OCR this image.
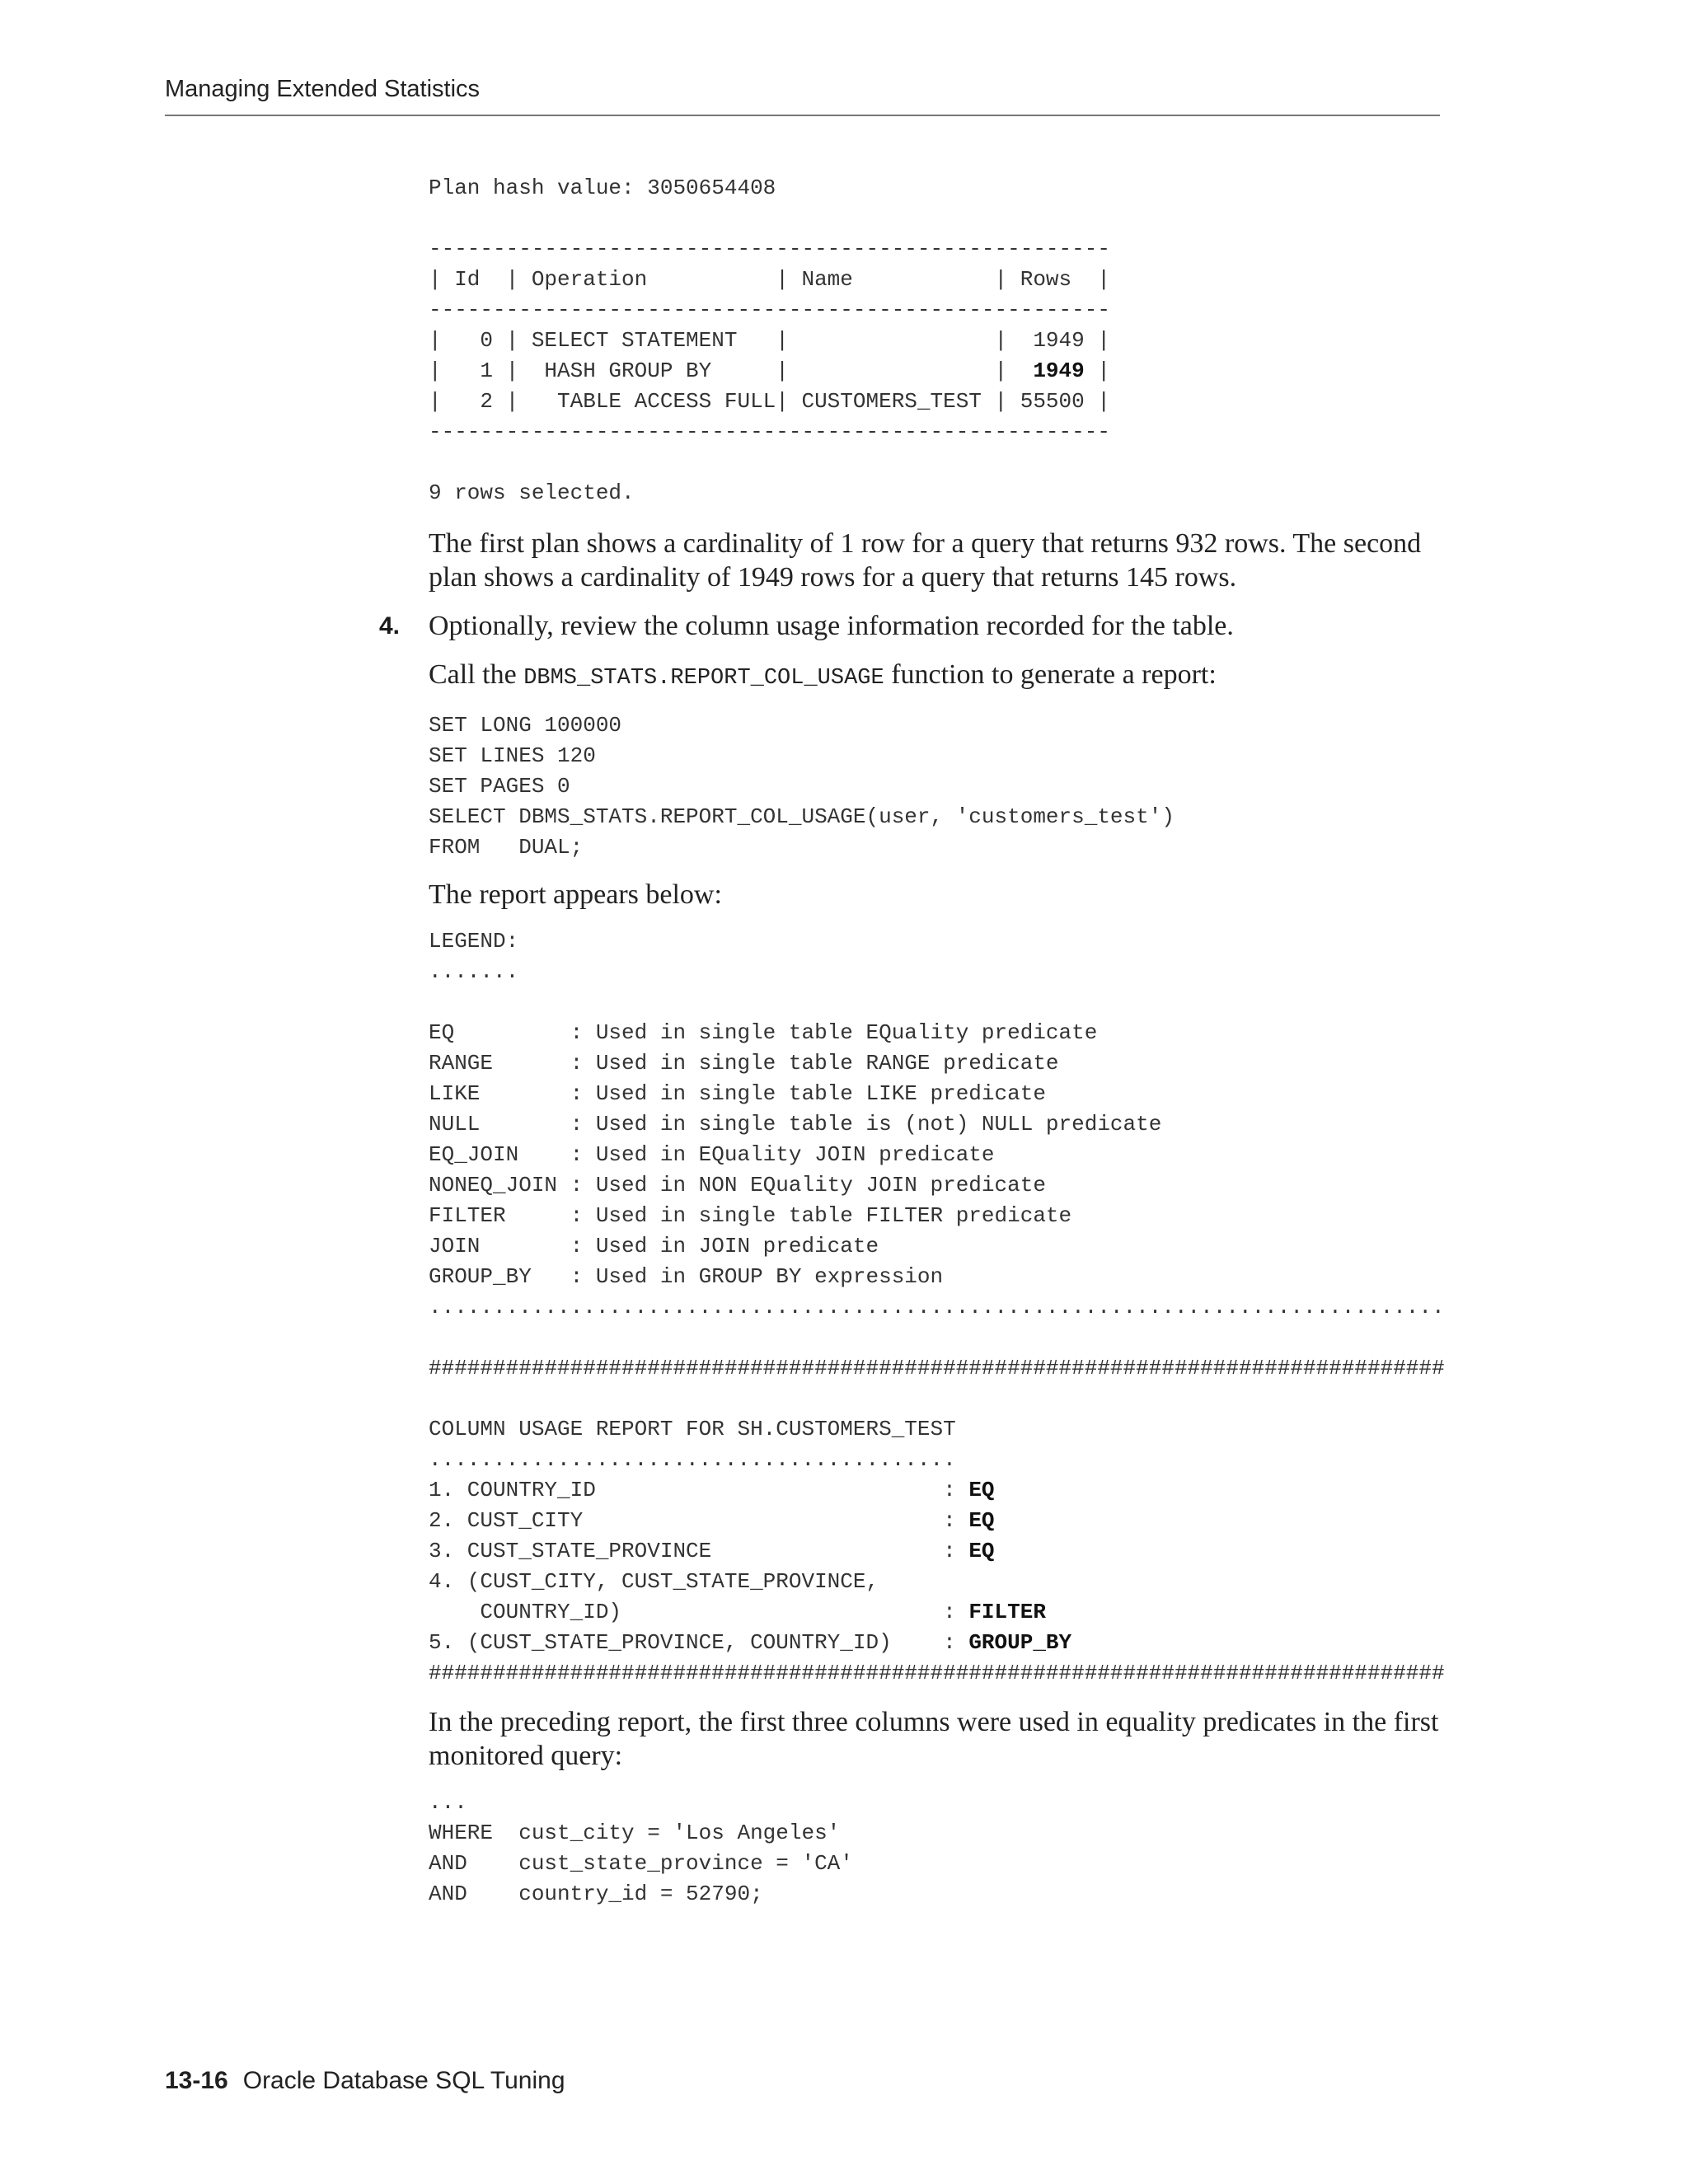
Managing Extended Statistics
Plan hash value: 3050654408
-----------------------------------------------------
| Id  | Operation          | Name           | Rows  |
-----------------------------------------------------
|   0 | SELECT STATEMENT   |                |  1949 |
|   1 |  HASH GROUP BY     |                |  1949 |
|   2 |   TABLE ACCESS FULL| CUSTOMERS_TEST | 55500 |
-----------------------------------------------------
9 rows selected.

The first plan shows a cardinality of 1 row for a query that returns 932 rows. The second plan shows a cardinality of 1949 rows for a query that returns 145 rows.

4. Optionally, review the column usage information recorded for the table.

Call the DBMS_STATS.REPORT_COL_USAGE function to generate a report:

SET LONG 100000
SET LINES 120
SET PAGES 0
SELECT DBMS_STATS.REPORT_COL_USAGE(user, 'customers_test')
FROM   DUAL;

The report appears below:

LEGEND:
.......

EQ         : Used in single table EQuality predicate
RANGE      : Used in single table RANGE predicate
LIKE       : Used in single table LIKE predicate
NULL       : Used in single table is (not) NULL predicate
EQ_JOIN    : Used in EQuality JOIN predicate
NONEQ_JOIN : Used in NON EQuality JOIN predicate
FILTER     : Used in single table FILTER predicate
JOIN       : Used in JOIN predicate
GROUP_BY   : Used in GROUP BY expression
...............................................................................

###############################################################################

COLUMN USAGE REPORT FOR SH.CUSTOMERS_TEST
.........................................

1. COUNTRY_ID                           : EQ
2. CUST_CITY                            : EQ
3. CUST_STATE_PROVINCE                  : EQ
4. (CUST_CITY, CUST_STATE_PROVINCE,
COUNTRY_ID)                         : FILTER
5. (CUST_STATE_PROVINCE, COUNTRY_ID)    : GROUP_BY
###############################################################################

In the preceding report, the first three columns were used in equality predicates in the first monitored query:

...
WHERE  cust_city = 'Los Angeles'
AND    cust_state_province = 'CA'
AND    country_id = 52790;
13-16 Oracle Database SQL Tuning
